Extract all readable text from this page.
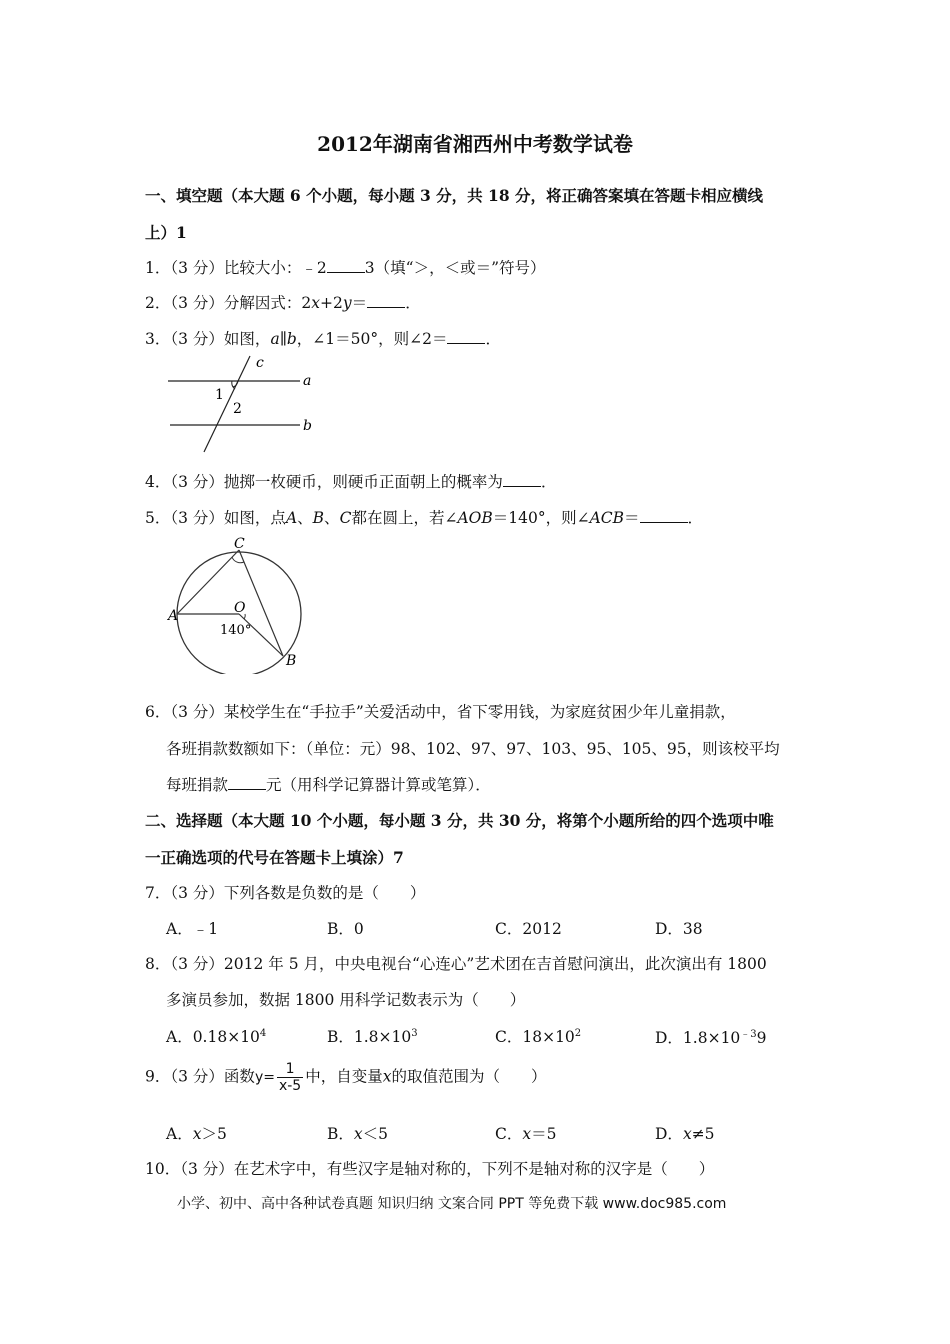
2012年湖南省湘西州中考数学试卷
一、填空题（本大题 6 个小题，每小题 3 分，共 18 分，将正确答案填在答题卡相应横线
上）1
1．（3 分）比较大小：﹣2 3（填“＞，＜或＝”符号）
2．（3 分）分解因式：2x+2y＝ ．
3．（3 分）如图，a∥b，∠1＝50°，则∠2＝ ．
c
a
b
1
2
4．（3 分）抛掷一枚硬币，则硬币正面朝上的概率为 ．
5．（3 分）如图，点A、B、C都在圆上，若∠AOB＝140°，则∠ACB＝	．
C
A	O
B
140°
6．（3 分）某校学生在“手拉手”关爱活动中，省下零用钱，为家庭贫困少年儿童捐款，
各班捐款数额如下：（单位：元）98、102、97、97、103、95、105、95，则该校平均
每班捐款 元（用科学记算器计算或笔算）．
二、选择题（本大题 10 个小题，每小题 3 分，共 30 分，将第个小题所给的四个选项中唯
一正确选项的代号在答题卡上填涂）7
7．（3 分）下列各数是负数的是（　　）
A．﹣1	B．0	C．2012	D．38
8．（3 分）2012 年 5 月，中央电视台“心连心”艺术团在吉首慰问演出，此次演出有 1800
多演员参加，数据 1800 用科学记数表示为（　　）
A．$0.18\times 10^4$	B．$1.8\times 10^3$	C．$18\times 10^2$	D．$1.8\times 10^{﹣3}9$
9．（3 分）函数$y= \frac{1}{x-5}$ 中，自变量x的取值范围为（　　）
A．x＞5	B．x＜5	C．x＝5	D．x≠5
10．（3 分）在艺术字中，有些汉字是轴对称的，下列不是轴对称的汉字是（　　）
小学、初中、高中各种试卷真题 知识归纳 文案合同 PPT 等免费下载 www.doc985.com
